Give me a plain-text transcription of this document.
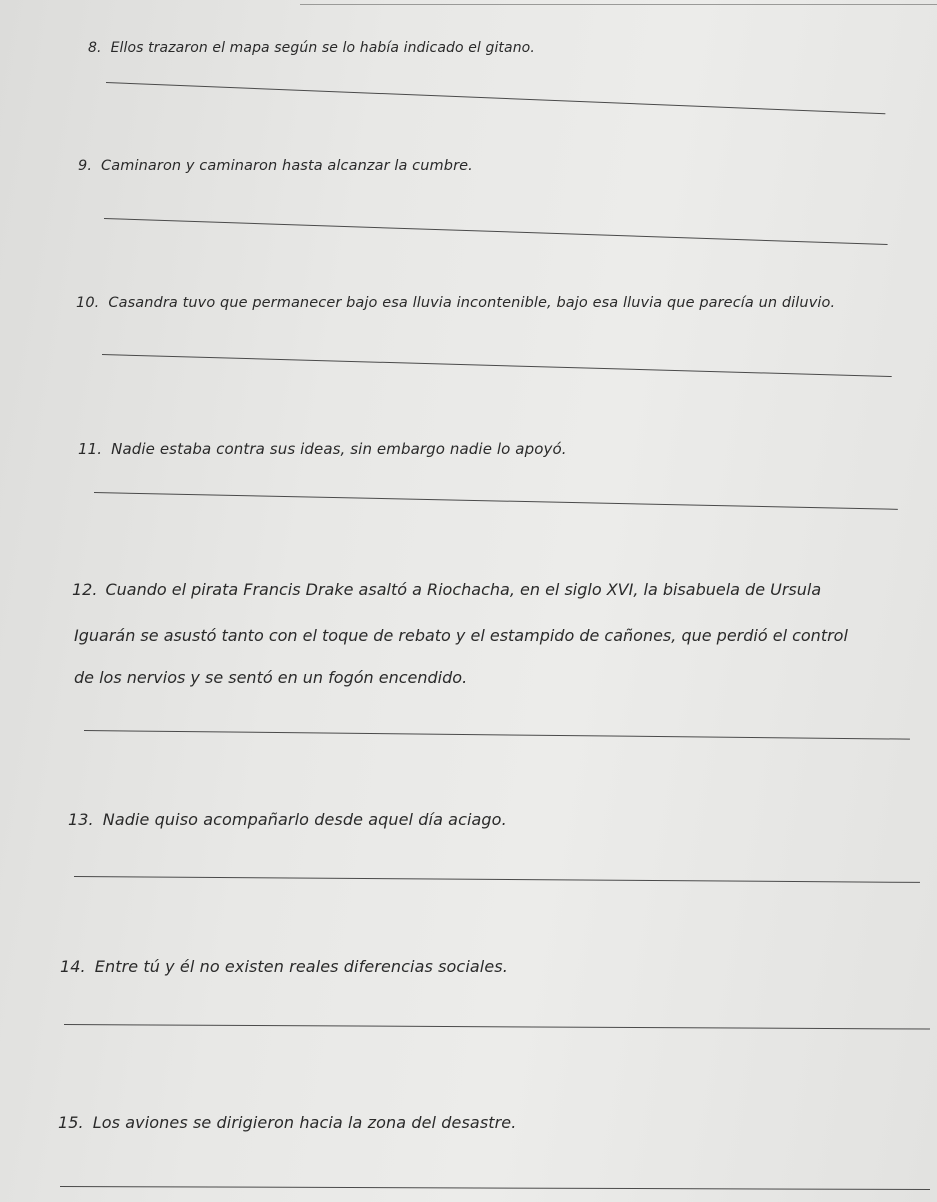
8. Ellos trazaron el mapa según se lo había indicado el gitano.
9. Caminaron y caminaron hasta alcanzar la cumbre.
10. Casandra tuvo que permanecer bajo esa lluvia incontenible, bajo esa lluvia que parecía un diluvio.
11. Nadie estaba contra sus ideas, sin embargo nadie lo apoyó.
12. Cuando el pirata Francis Drake asaltó a Riochacha, en el siglo XVI, la bisabuela de Ursula
Iguarán se asustó tanto con el toque de rebato y el estampido de cañones, que perdió el control
de los nervios y se sentó en un fogón encendido.
13. Nadie quiso acompañarlo desde aquel día aciago.
14. Entre tú y él no existen reales diferencias sociales.
15. Los aviones se dirigieron hacia la zona del desastre.
